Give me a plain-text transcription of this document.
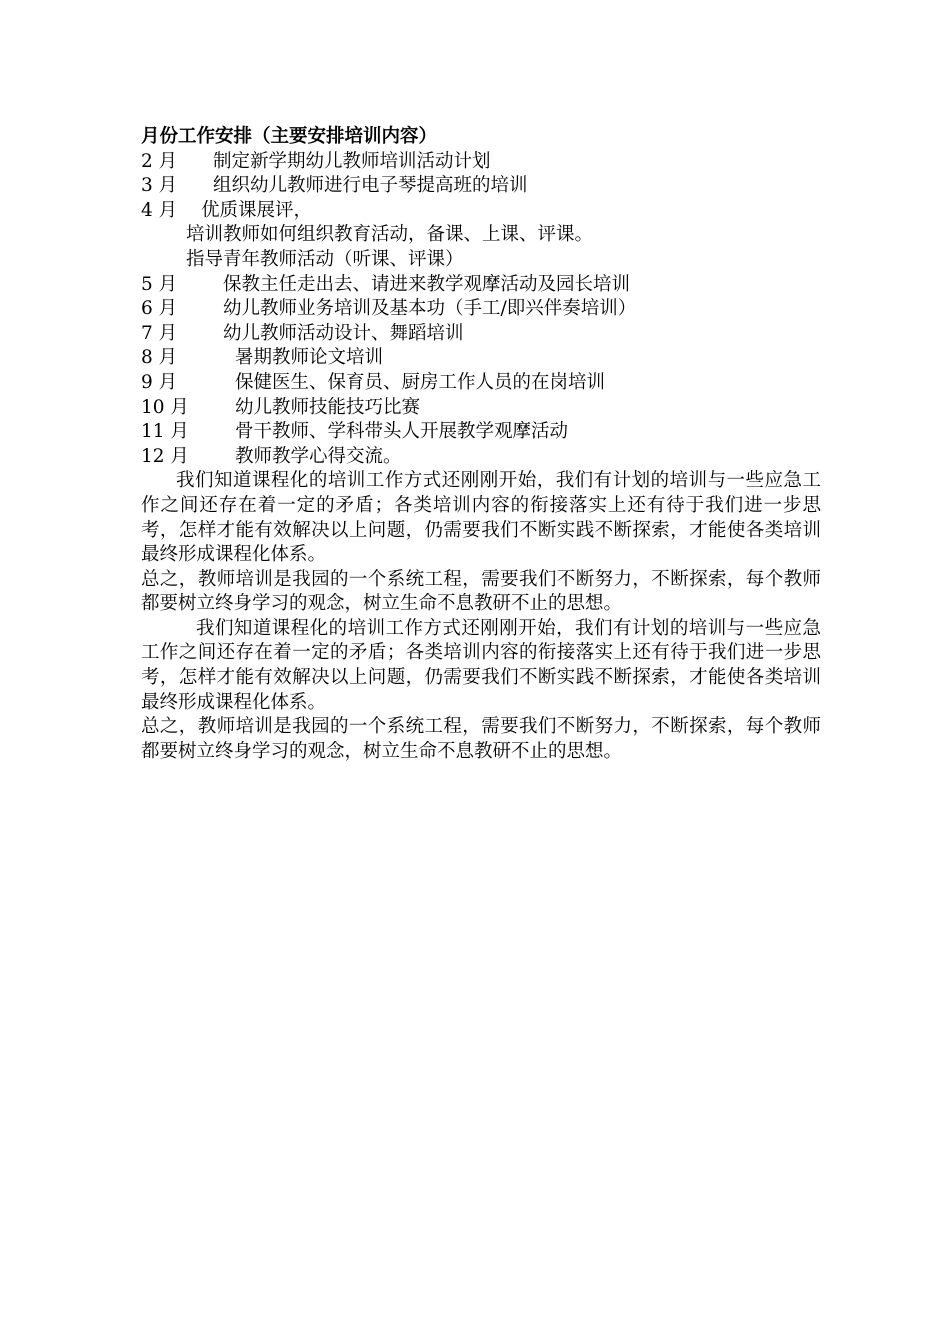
月份工作安排（主要安排培训内容）
2 月 制定新学期幼儿教师培训活动计划
3 月 组织幼儿教师进行电子琴提高班的培训
4 月 优质课展评，
培训教师如何组织教育活动，备课、上课、评课。
指导青年教师活动（听课、评课）
5 月 保教主任走出去、请进来教学观摩活动及园长培训
6 月 幼儿教师业务培训及基本功（手工/即兴伴奏培训）
7 月 幼儿教师活动设计、舞蹈培训
8 月	暑期教师论文培训
9 月	保健医生、保育员、厨房工作人员的在岗培训
10 月 幼儿教师技能技巧比赛
11 月 骨干教师、学科带头人开展教学观摩活动
12 月 教师教学心得交流。
我们知道课程化的培训工作方式还刚刚开始，我们有计划的培训与一些应急工作之间还存在着一定的矛盾；各类培训内容的衔接落实上还有待于我们进一步思考，怎样才能有效解决以上问题，仍需要我们不断实践不断探索，才能使各类培训最终形成课程化体系。
总之，教师培训是我园的一个系统工程，需要我们不断努力，不断探索，每个教师都要树立终身学习的观念，树立生命不息教研不止的思想。
我们知道课程化的培训工作方式还刚刚开始，我们有计划的培训与一些应急工作之间还存在着一定的矛盾；各类培训内容的衔接落实上还有待于我们进一步思考，怎样才能有效解决以上问题，仍需要我们不断实践不断探索，才能使各类培训最终形成课程化体系。
总之，教师培训是我园的一个系统工程，需要我们不断努力，不断探索，每个教师都要树立终身学习的观念，树立生命不息教研不止的思想。
